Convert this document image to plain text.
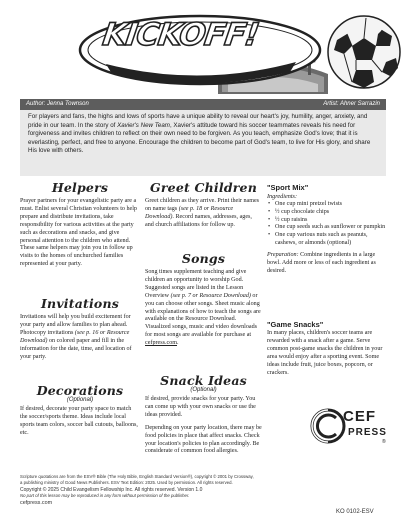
KICKOFF!
SOCCER PARTY
Author: Jenna Townson	Artist: Ahner Sarrazin
For players and fans, the highs and lows of sports have a unique ability to reveal our heart's joy, humility, anger, anxiety, and pride in our team. In the story of Xavier's New Team, Xavier's attitude toward his soccer teammates reveals his need for forgiveness and invites children to reflect on their own need to be forgiven. As you teach, emphasize God's love; that it is everlasting, perfect, and free to anyone. Encourage the children to become part of God's team, to live for His glory, and share His love with others.
Helpers

Prayer partners for your evangelistic party are a must. Enlist several Christian volunteers to help prepare and distribute invitations, take responsibility for various activities at the party such as decorations and snacks, and give personal attention to the children who attend. These same helpers may join you in follow up visits to the homes of unchurched families represented at your party.

Invitations

Invitations will help you build excitement for your party and allow families to plan ahead. Photocopy invitations (see p. 16 or Resource Download) on colored paper and fill in the information for the date, time, and location of your party.

Decorations
(Optional)

If desired, decorate your party space to match the soccer/sports theme. Ideas include local sports team colors, soccer ball cutouts, balloons, etc.

Greet Children

Greet children as they arrive. Print their names on name tags (see p. 18 or Resource Download). Record names, addresses, ages, and church affiliations for follow up.

Songs

Song times supplement teaching and give children an opportunity to worship God. Suggested songs are listed in the Lesson Overview (see p. 7 or Resource Download) or you can choose other songs. Sheet music along with explanations of how to teach the songs are available on the Resource Download. Visualized songs, music and video downloads for most songs are available for purchase at cefpress.com.

Snack Ideas
(Optional)

If desired, provide snacks for your party. You can come up with your own snacks or use the ideas provided.

Depending on your party location, there may be food policies in place that affect snacks. Check your location's policies to plan accordingly. Be considerate of common food allergies.

"Sport Mix"
Ingredients:
• One cup mini pretzel twists
• ½ cup chocolate chips
• ½ cup raisins
• One cup seeds such as sunflower or pumpkin
• One cup various nuts such as peanuts, cashews, or almonds (optional)

Preparation: Combine ingredients in a large bowl. Add more or less of each ingredient as desired.

"Game Snacks"

In many places, children's soccer teams are rewarded with a snack after a game. Serve common post-game snacks the children in your area would enjoy after a sporting event. Some ideas include fruit, juice boxes, popcorn, or crackers.

CEF
PRESS
®
Scripture quotations are from the ESV® Bible (The Holy Bible, English Standard Version®), copyright © 2001 by Crossway,
a publishing ministry of Good News Publishers. ESV Text Edition: 2025. Used by permission. All rights reserved.
Copyright © 2025 Child Evangelism Fellowship Inc. All rights reserved. Version 1.0
No part of this lesson may be reproduced in any form without permission of the publisher.
cefpress.com
KO 0102-ESV
